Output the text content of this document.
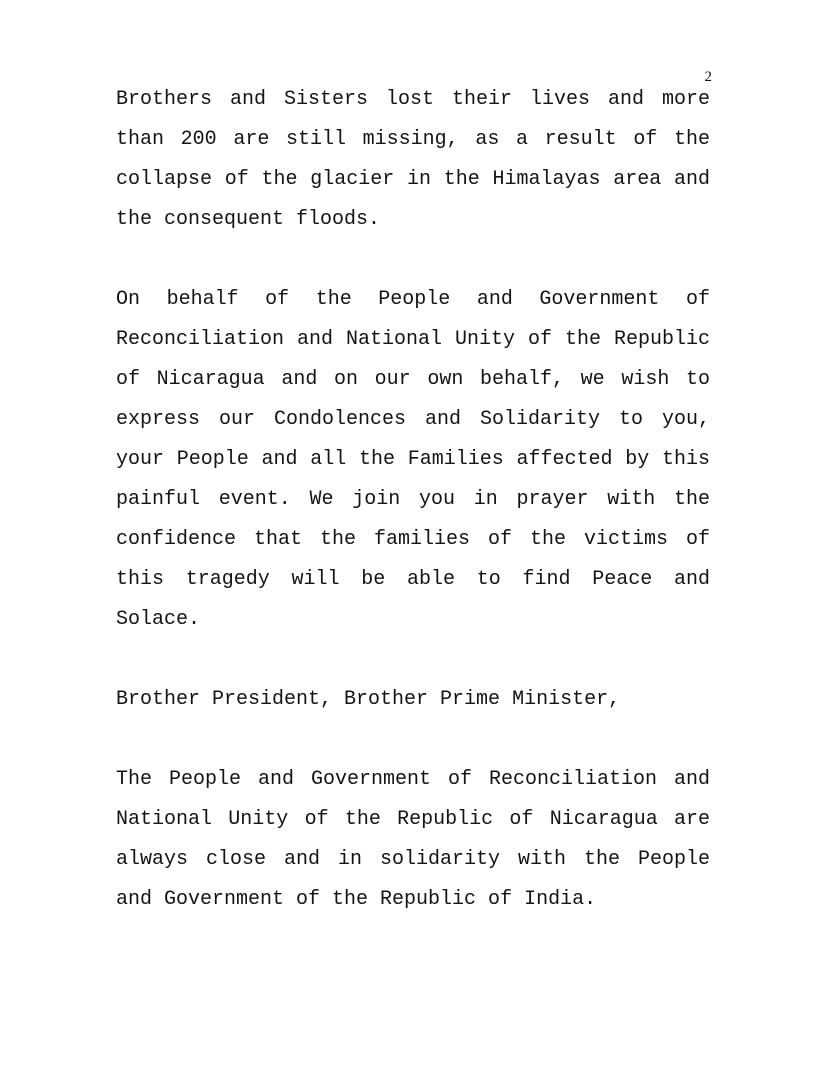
2

Brothers and Sisters lost their lives and more than 200 are still missing, as a result of the collapse of the glacier in the Himalayas area and the consequent floods.

On behalf of the People and Government of Reconciliation and National Unity of the Republic of Nicaragua and on our own behalf, we wish to express our Condolences and Solidarity to you, your People and all the Families affected by this painful event. We join you in prayer with the confidence that the families of the victims of this tragedy will be able to find Peace and Solace.

Brother President, Brother Prime Minister,

The People and Government of Reconciliation and National Unity of the Republic of Nicaragua are always close and in solidarity with the People and Government of the Republic of India.
